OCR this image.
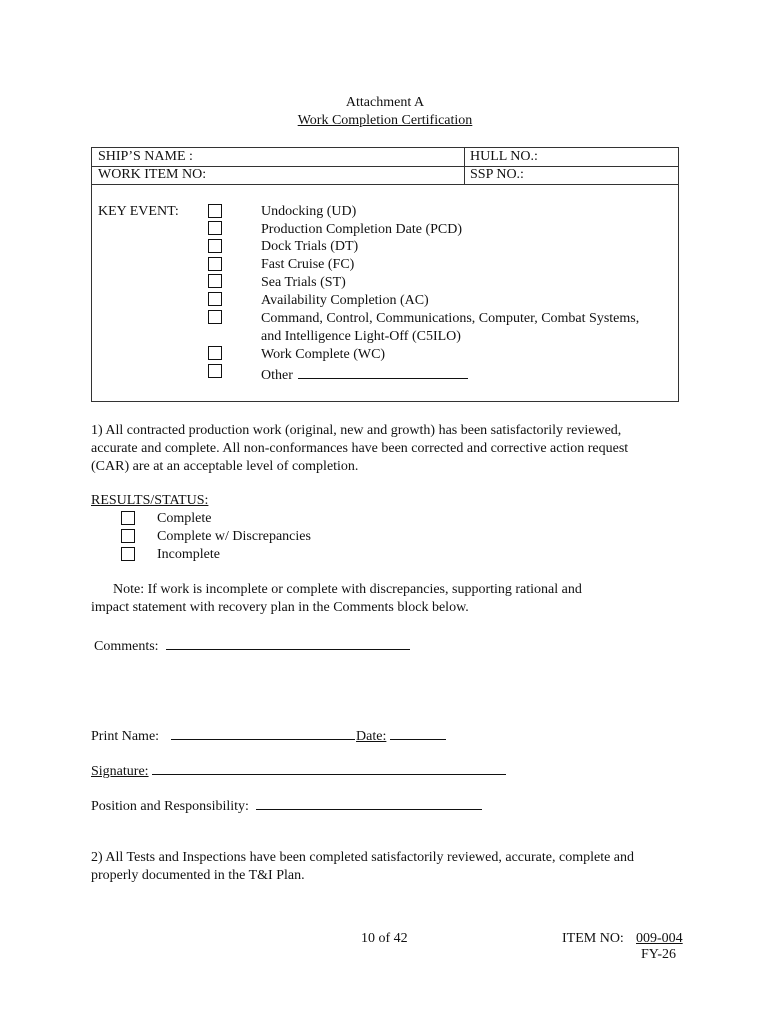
Attachment A
Work Completion Certification
SHIP’S NAME :	HULL NO.:
WORK ITEM NO:	SSP NO.:
KEY EVENT:	Undocking (UD)
Production Completion Date (PCD)
Dock Trials (DT)
Fast Cruise (FC)
Sea Trials (ST)
Availability Completion (AC)
Command, Control, Communications, Computer, Combat Systems,
and Intelligence Light-Off (C5ILO)
Work Complete (WC)
Other
1) All contracted production work (original, new and growth) has been satisfactorily reviewed,
accurate and complete. All non-conformances have been corrected and corrective action request
(CAR) are at an acceptable level of completion.
RESULTS/STATUS:
Complete
Complete w/ Discrepancies
Incomplete
Note: If work is incomplete or complete with discrepancies, supporting rational and
impact statement with recovery plan in the Comments block below.
Comments:
Print Name:	Date:
Signature:
Position and Responsibility:
2) All Tests and Inspections have been completed satisfactorily reviewed, accurate, complete and
properly documented in the T&I Plan.
10 of 42	ITEM NO: 009-004
FY-26
